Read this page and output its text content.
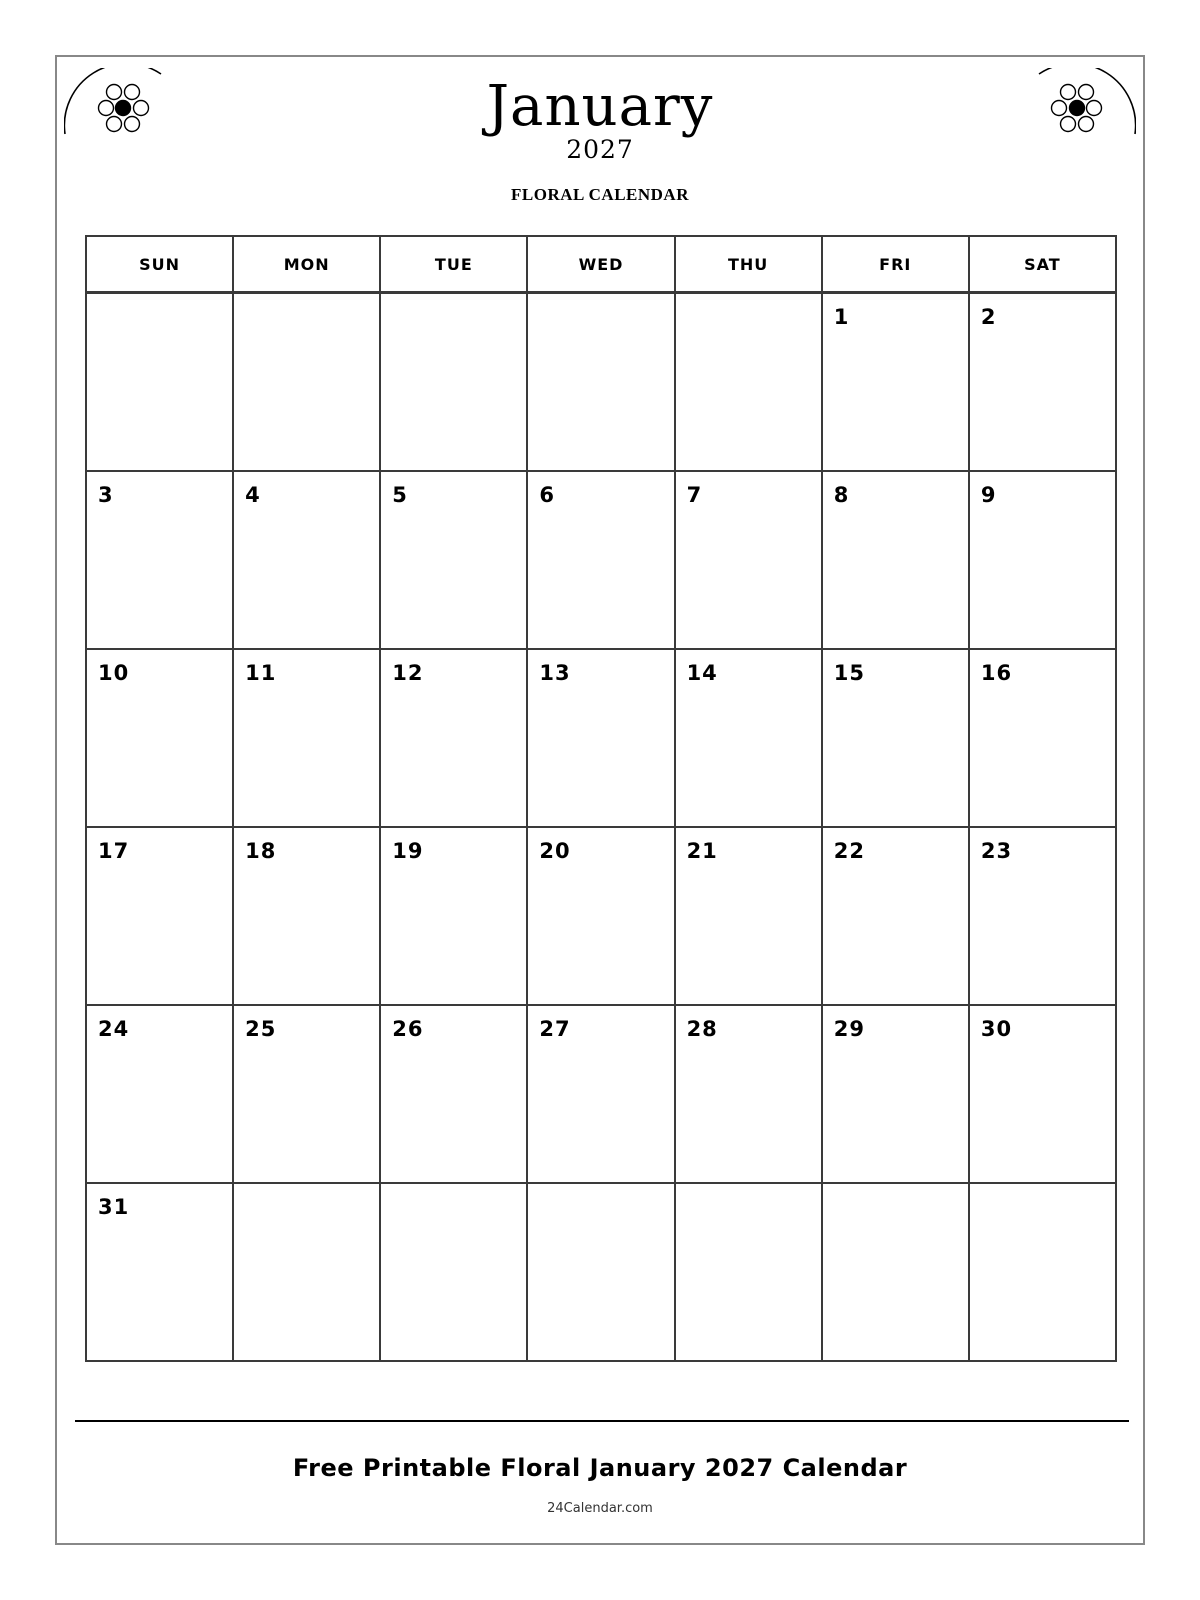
January
2027
FLORAL CALENDAR
SUN	MON	TUE	WED	THU	FRI	SAT

					1	2

3	4	5	6	7	8	9

10	11	12	13	14	15	16

17	18	19	20	21	22	23

24	25	26	27	28	29	30

31						

Free Printable Floral January 2027 Calendar
24Calendar.com
